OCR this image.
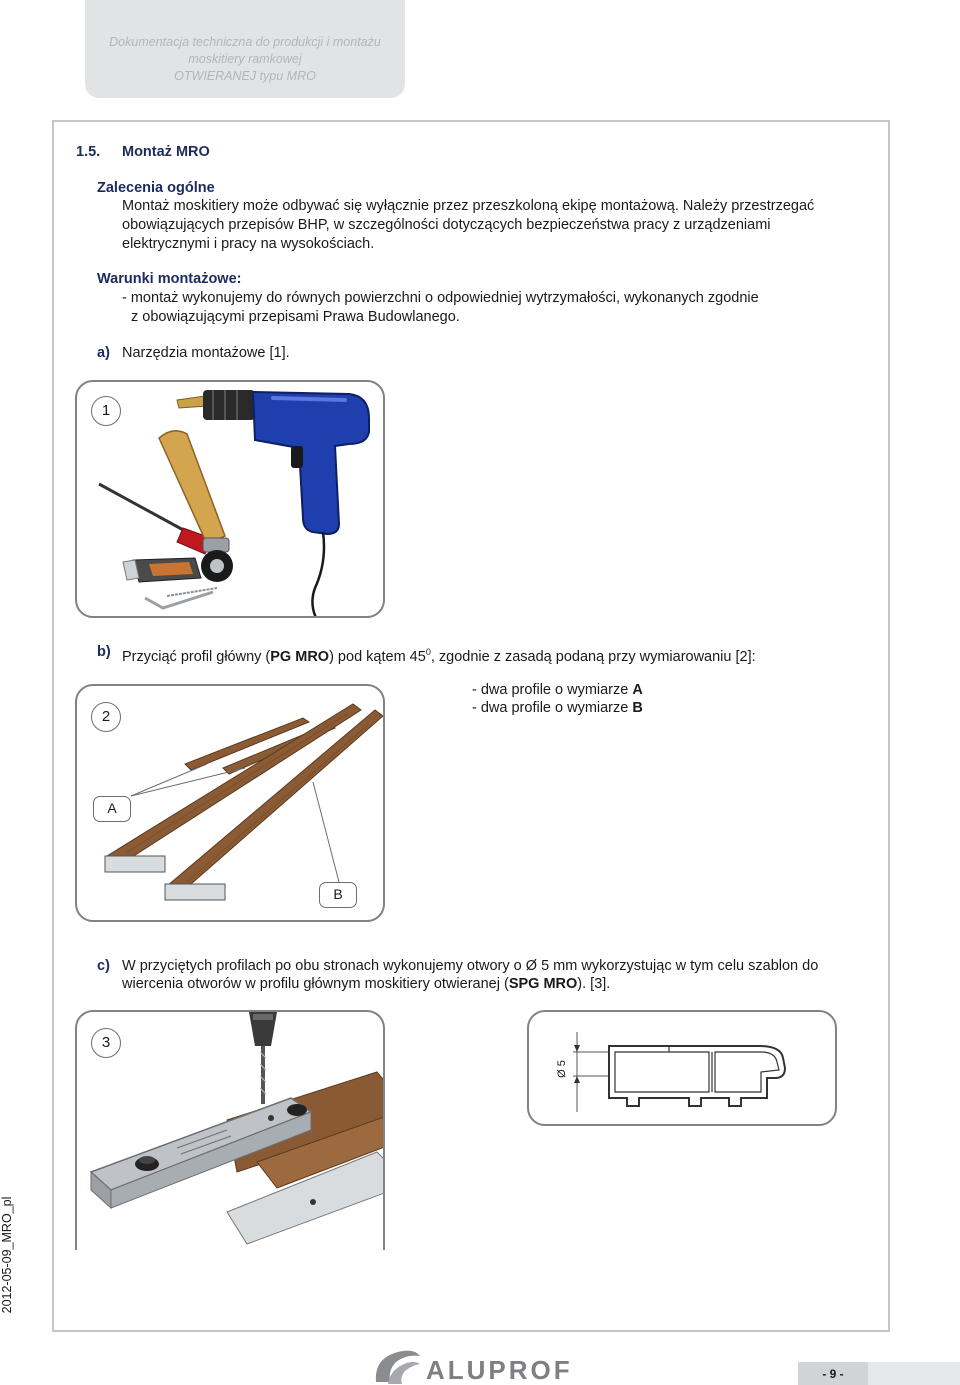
Dokumentacja techniczna do produkcji i montażu
moskitiery ramkowej
OTWIERANEJ typu MRO
1.5. Montaż MRO
Zalecenia ogólne
Montaż moskitiery może odbywać się wyłącznie przez przeszkoloną ekipę montażową. Należy przestrzegać
obowiązujących przepisów BHP, w szczególności dotyczących bezpieczeństwa pracy z urządzeniami
elektrycznymi i pracy na wysokościach.
Warunki montażowe:
- montaż wykonujemy do równych powierzchni o odpowiedniej wytrzymałości, wykonanych zgodnie
z obowiązującymi przepisami Prawa Budowlanego.
a) Narzędzia montażowe [1].
1
b) Przyciąć profil główny (PG MRO) pod kątem $45^0$, zgodnie z zasadą podaną przy wymiarowaniu [2]:
- dwa profile o wymiarze A
- dwa profile o wymiarze B
2
A
B
c) W przyciętych profilach po obu stronach wykonujemy otwory o Ø 5 mm wykorzystując w tym celu szablon do
wiercenia otworów w profilu głównym moskitiery otwieranej (SPG MRO). [3].
3
Ø 5
2012-05-09_MRO_pl
ALUPROF	- 9 -
